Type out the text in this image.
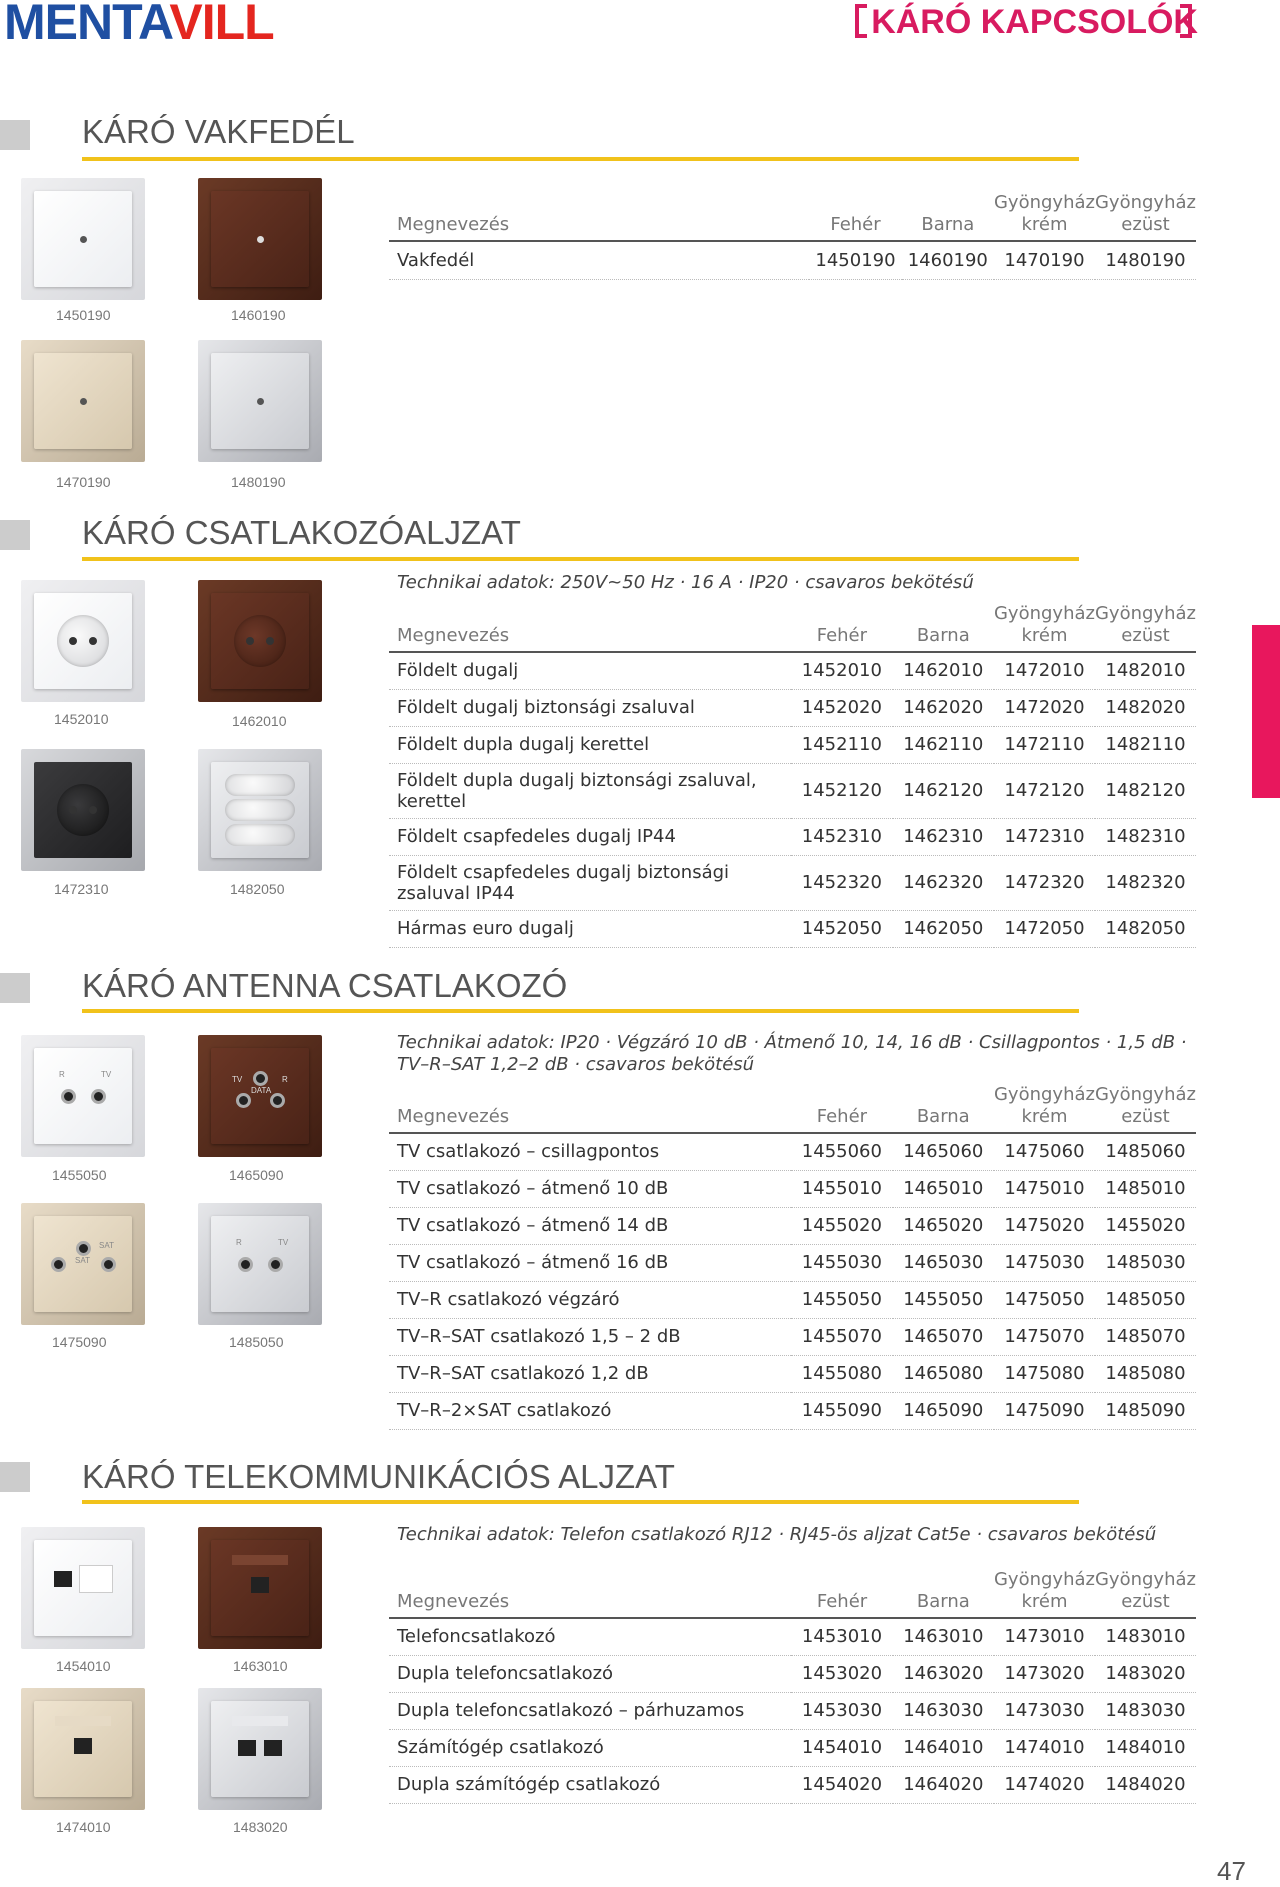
MENTAVILL	KÁRÓ KAPCSOLÓK
KÁRÓ VAKFEDÉL
1450190	1460190
1470190	1480190
Megnevezés	Fehér	Barna	Gyöngyház krém	Gyöngyház ezüst
Vakfedél	1450190	1460190	1470190	1480190
KÁRÓ CSATLAKOZÓALJZAT
1452010	1462010
1472310	1482050
Technikai adatok: 250V~50 Hz · 16 A · IP20 · csavaros bekötésű
Megnevezés	Fehér	Barna	Gyöngyház krém	Gyöngyház ezüst
Földelt dugalj	1452010	1462010	1472010	1482010
Földelt dugalj biztonsági zsaluval	1452020	1462020	1472020	1482020
Földelt dupla dugalj kerettel	1452110	1462110	1472110	1482110
Földelt dupla dugalj biztonsági zsaluval, kerettel	1452120	1462120	1472120	1482120
Földelt csapfedeles dugalj IP44	1452310	1462310	1472310	1482310
Földelt csapfedeles dugalj biztonsági zsaluval IP44	1452320	1462320	1472320	1482320
Hármas euro dugalj	1452050	1462050	1472050	1482050
KÁRÓ ANTENNA CSATLAKOZÓ
R	TV
TV
DATA
R
1455050	1465090
SAT
SAT	R	TV
1475090	1485050
Technikai adatok: IP20 · Végzáró 10 dB · Átmenő 10, 14, 16 dB · Csillagpontos · 1,5 dB · TV–R–SAT 1,2–2 dB · csavaros bekötésű
Megnevezés	Fehér	Barna	Gyöngyház krém	Gyöngyház ezüst
TV csatlakozó – csillagpontos	1455060	1465060	1475060	1485060
TV csatlakozó – átmenő 10 dB	1455010	1465010	1475010	1485010
TV csatlakozó – átmenő 14 dB	1455020	1465020	1475020	1455020
TV csatlakozó – átmenő 16 dB	1455030	1465030	1475030	1485030
TV–R csatlakozó végzáró	1455050	1455050	1475050	1485050
TV–R–SAT csatlakozó 1,5 – 2 dB	1455070	1465070	1475070	1485070
TV–R–SAT csatlakozó 1,2 dB	1455080	1465080	1475080	1485080
TV–R–2×SAT csatlakozó	1455090	1465090	1475090	1485090
KÁRÓ TELEKOMMUNIKÁCIÓS ALJZAT
1454010	1463010
1474010	1483020
Technikai adatok: Telefon csatlakozó RJ12 · RJ45-ös aljzat Cat5e · csavaros bekötésű
Megnevezés	Fehér	Barna	Gyöngyház krém	Gyöngyház ezüst
Telefoncsatlakozó	1453010	1463010	1473010	1483010
Dupla telefoncsatlakozó	1453020	1463020	1473020	1483020
Dupla telefoncsatlakozó – párhuzamos	1453030	1463030	1473030	1483030
Számítógép csatlakozó	1454010	1464010	1474010	1484010
Dupla számítógép csatlakozó	1454020	1464020	1474020	1484020
47
